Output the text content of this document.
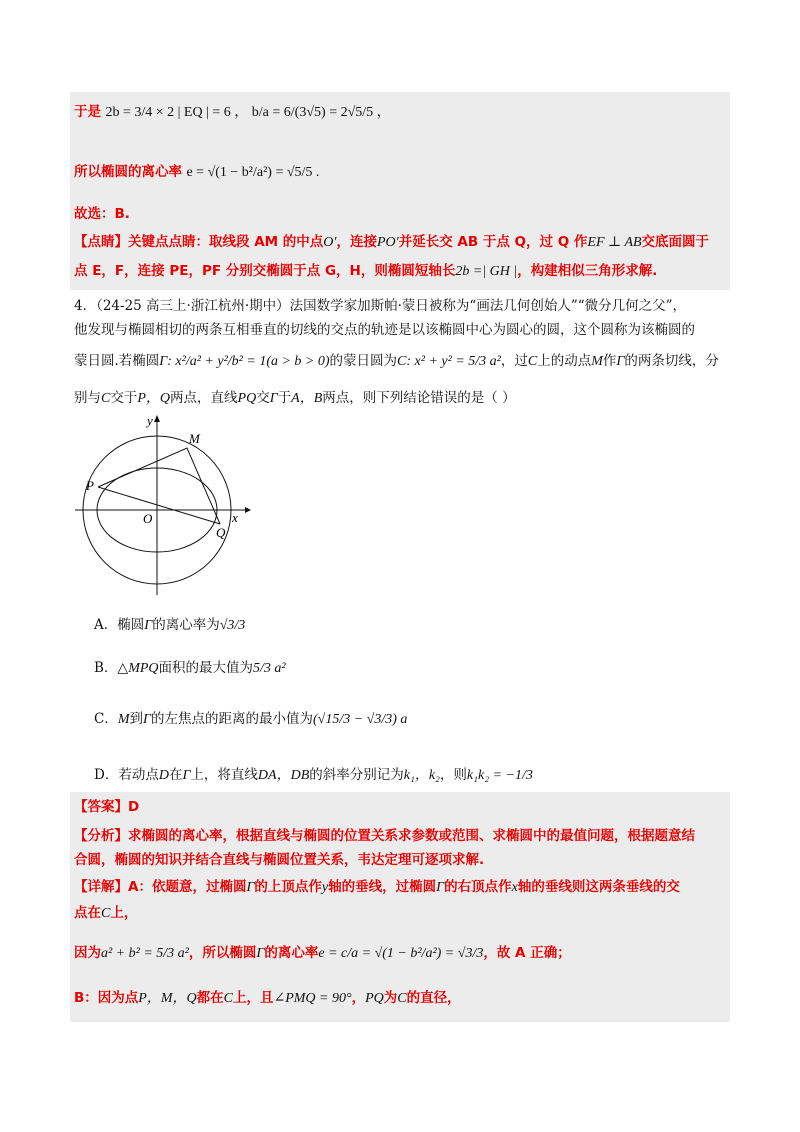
于是 2b = 3/4 × 2 | EQ | = 6 ， b/a = 6/(3√5) = 2√5/5 ，
所以椭圆的离心率 e = √(1 − b²/a²) = √5/5 .
故选：B.
【点睛】关键点点睛：取线段 AM 的中点O′，连接PO′并延长交 AB 于点 Q，过 Q 作EF ⊥ AB交底面圆于
点 E，F，连接 PE，PF 分别交椭圆于点 G，H，则椭圆短轴长2b =| GH |，构建相似三角形求解.
4．（24-25 高三上·浙江杭州·期中）法国数学家加斯帕·蒙日被称为“画法几何创始人”“微分几何之父”，
他发现与椭圆相切的两条互相垂直的切线的交点的轨迹是以该椭圆中心为圆心的圆，这个圆称为该椭圆的
蒙日圆.若椭圆Γ: x²/a² + y²/b² = 1(a > b > 0)的蒙日圆为C: x² + y² = 5/3 a²，过C上的动点M作Γ的两条切线，分
别与C交于P，Q两点，直线PQ交Γ于A，B两点，则下列结论错误的是（ ）
y
x
O
M
P
Q
A．椭圆Γ的离心率为√3/3
B．△MPQ面积的最大值为5/3 a²
C．M到Γ的左焦点的距离的最小值为(√15/3 − √3/3) a
D．若动点D在Γ上，将直线DA，DB的斜率分别记为k₁，k₂，则k₁k₂ = −1/3
【答案】D
【分析】求椭圆的离心率，根据直线与椭圆的位置关系求参数或范围、求椭圆中的最值问题，根据题意结
合圆，椭圆的知识并结合直线与椭圆位置关系，韦达定理可逐项求解.
【详解】A：依题意，过椭圆Γ的上顶点作y轴的垂线，过椭圆Γ的右顶点作x轴的垂线则这两条垂线的交
点在C上，
因为a² + b² = 5/3 a²，所以椭圆Γ的离心率e = c/a = √(1 − b²/a²) = √3/3，故 A 正确；
B：因为点P，M，Q都在C上，且∠PMQ = 90°，PQ为C的直径，
